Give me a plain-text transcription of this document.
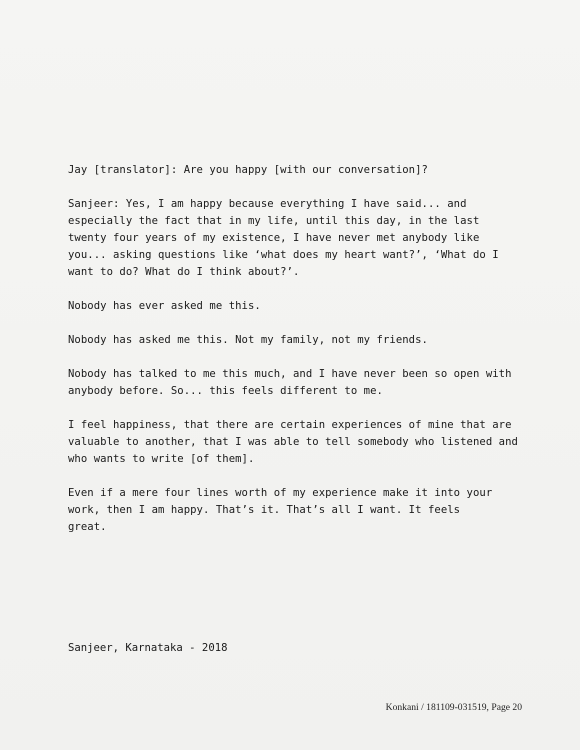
Jay [translator]: Are you happy [with our conversation]?

Sanjeer: Yes, I am happy because everything I have said... and
especially the fact that in my life, until this day, in the last
twenty four years of my existence, I have never met anybody like
you... asking questions like ‘what does my heart want?’, ‘What do I
want to do? What do I think about?’.

Nobody has ever asked me this.

Nobody has asked me this. Not my family, not my friends.

Nobody has talked to me this much, and I have never been so open with
anybody before. So... this feels different to me.

I feel happiness, that there are certain experiences of mine that are
valuable to another, that I was able to tell somebody who listened and
who wants to write [of them].

Even if a mere four lines worth of my experience make it into your
work, then I am happy. That’s it. That’s all I want. It feels
great.

Sanjeer, Karnataka - 2018
Konkani / 181109-031519, Page 20
